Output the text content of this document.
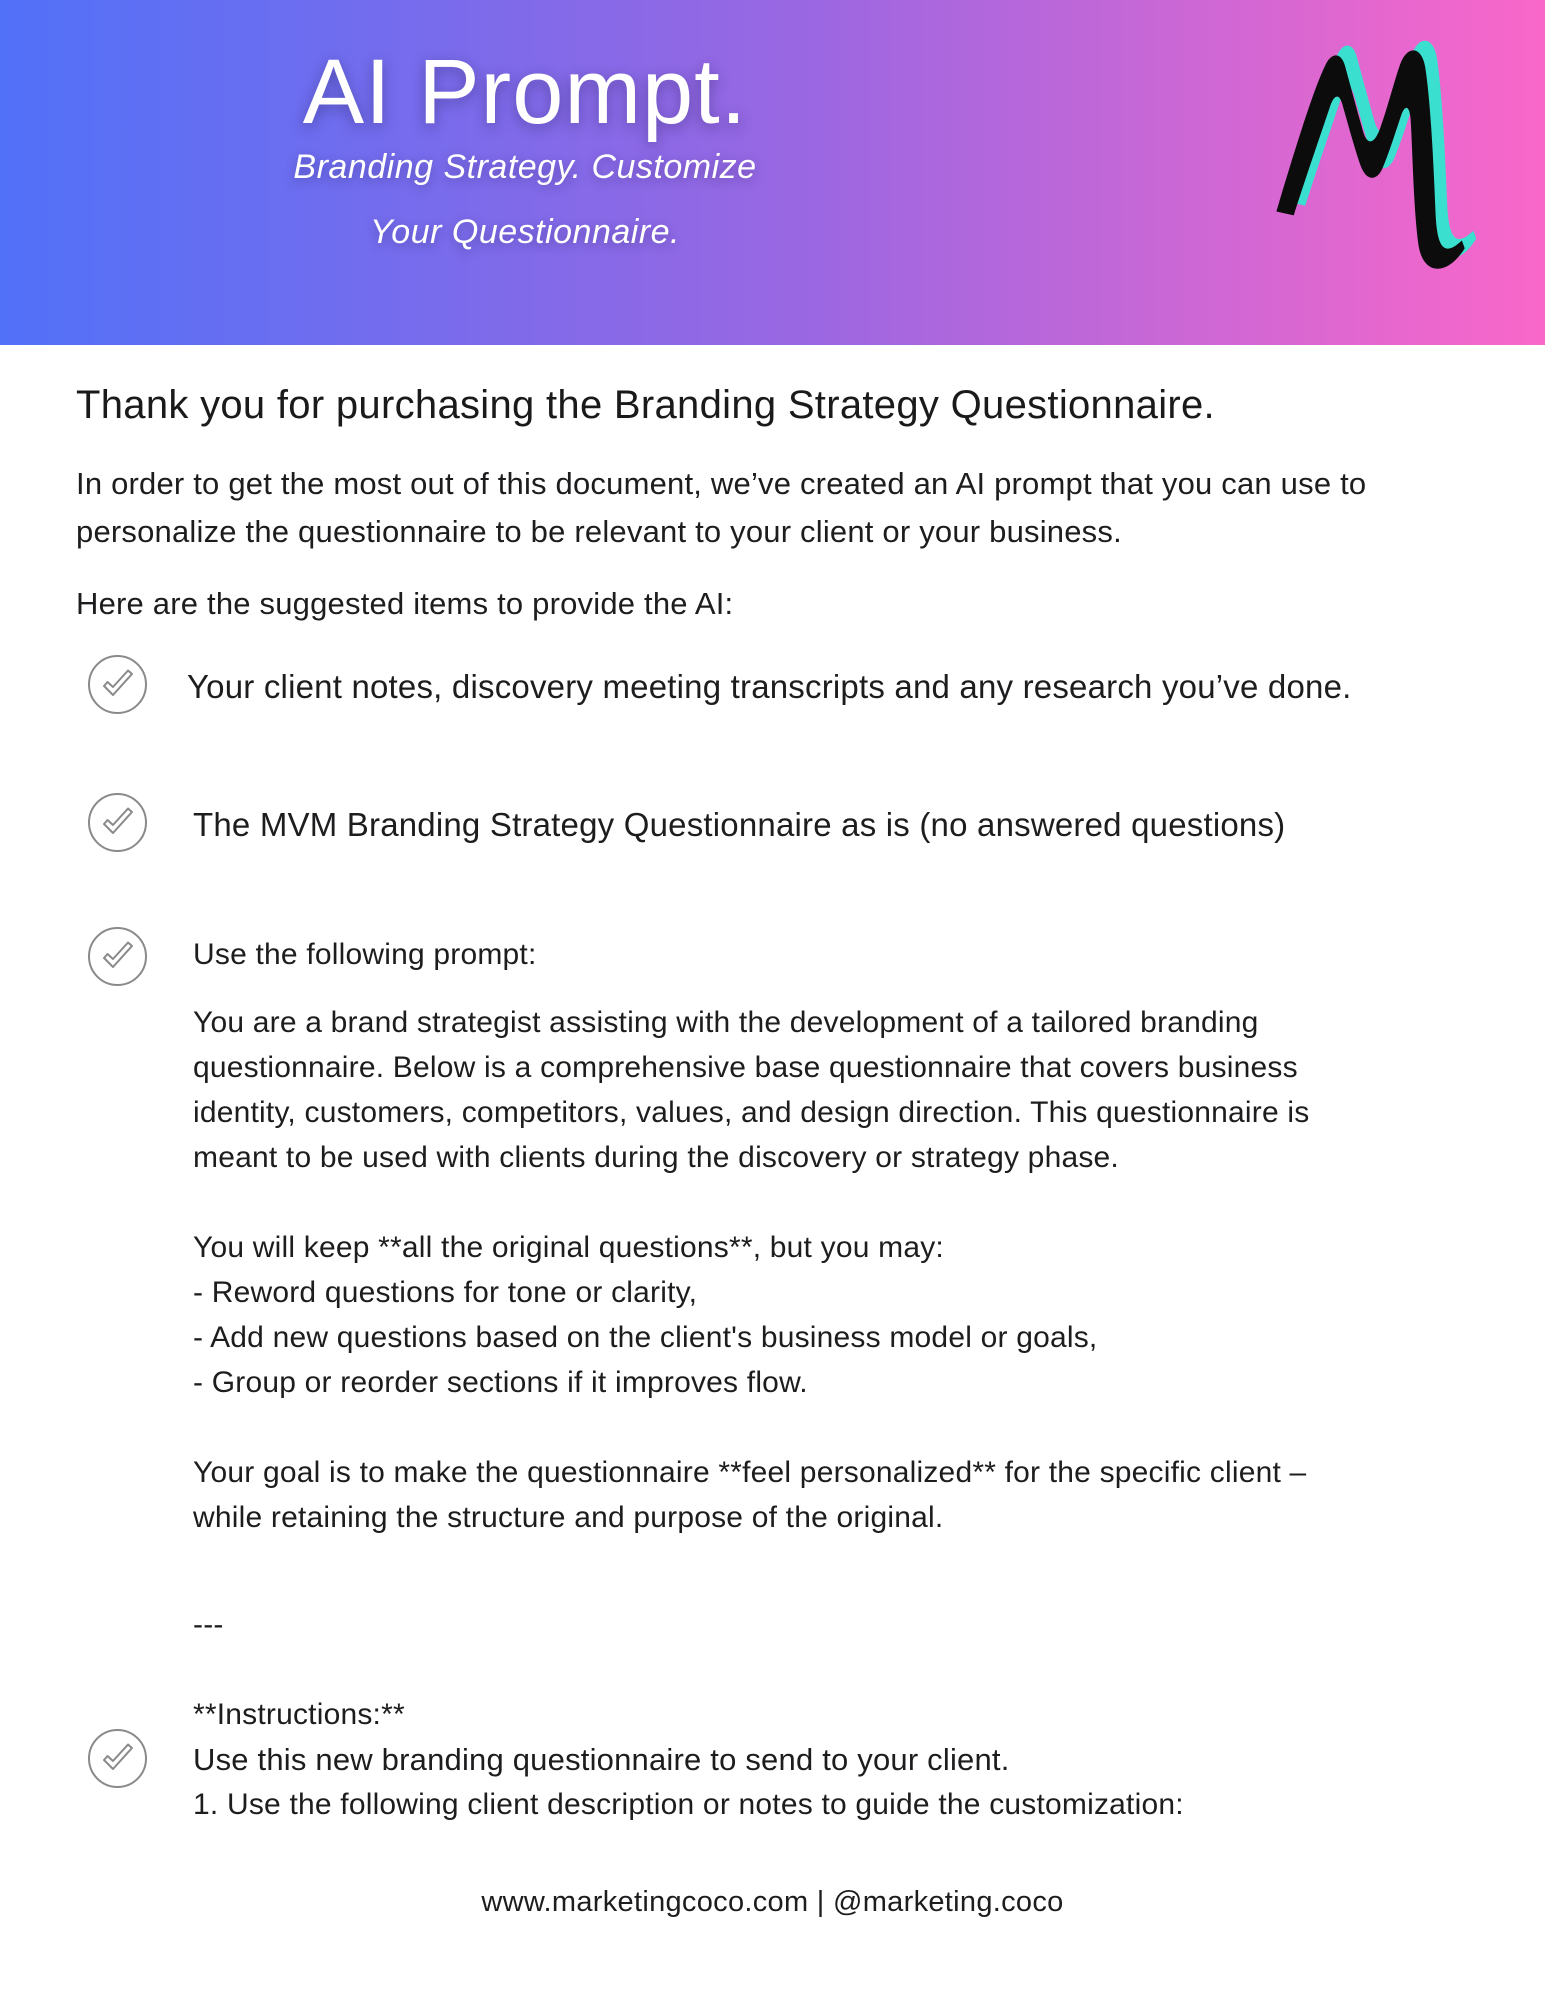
AI Prompt.
Branding Strategy. Customize
Your Questionnaire.
Thank you for purchasing the Branding Strategy Questionnaire.
In order to get the most out of this document, we’ve created an AI prompt that you can use to personalize the questionnaire to be relevant to your client or your business.
Here are the suggested items to provide the AI:
Your client notes, discovery meeting transcripts and any research you’ve done.
The MVM Branding Strategy Questionnaire as is (no answered questions)
Use the following prompt:
You are a brand strategist assisting with the development of a tailored branding questionnaire. Below is a comprehensive base questionnaire that covers business identity, customers, competitors, values, and design direction. This questionnaire is meant to be used with clients during the discovery or strategy phase.
You will keep **all the original questions**, but you may:
- Reword questions for tone or clarity,
- Add new questions based on the client's business model or goals,
- Group or reorder sections if it improves flow.
Your goal is to make the questionnaire **feel personalized** for the specific client – while retaining the structure and purpose of the original.
---
**Instructions:**
1. Use the following client description or notes to guide the customization:
Use this new branding questionnaire to send to your client.
www.marketingcoco.com | @marketing.coco
